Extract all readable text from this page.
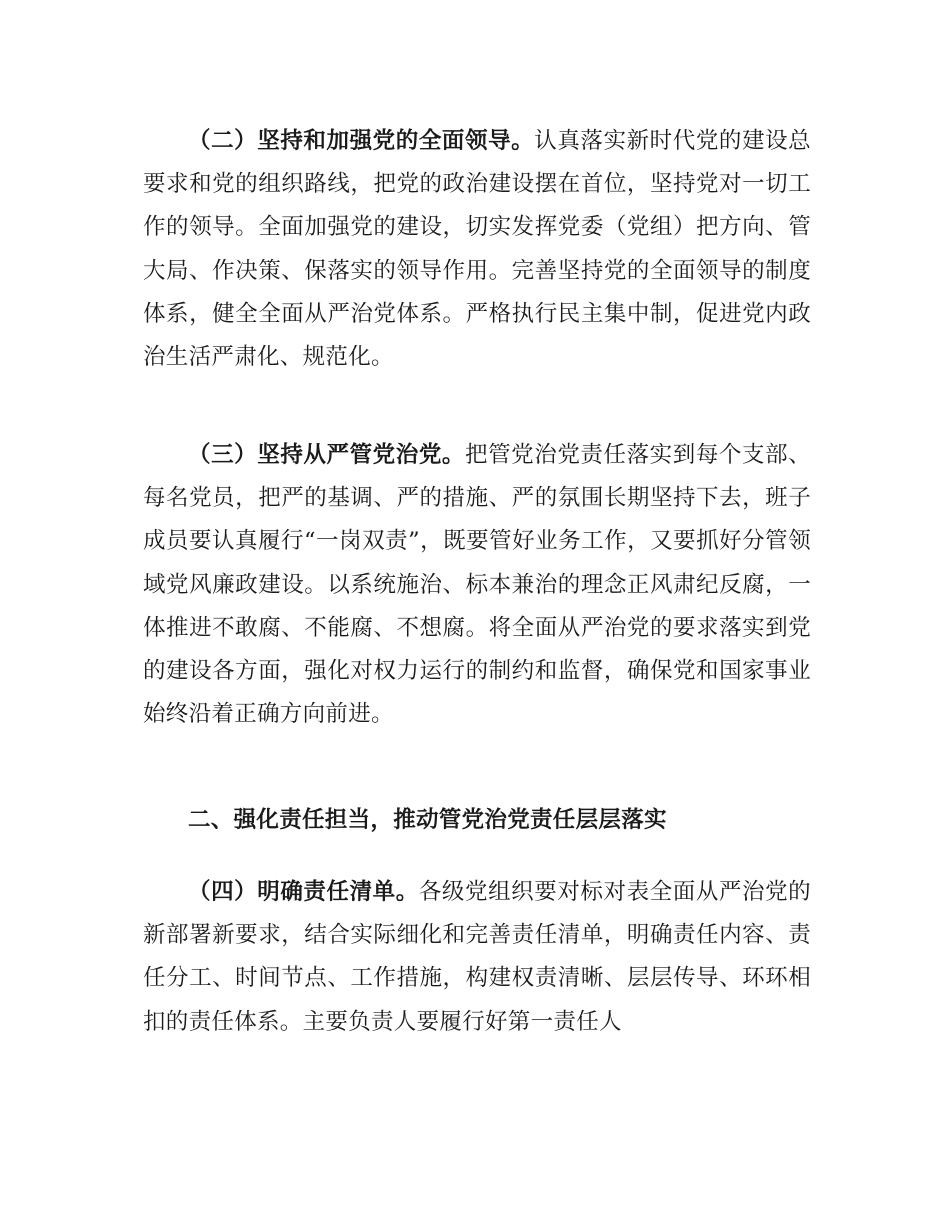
（二）坚持和加强党的全面领导。认真落实新时代党的建设总要求和党的组织路线，把党的政治建设摆在首位，坚持党对一切工作的领导。全面加强党的建设，切实发挥党委（党组）把方向、管大局、作决策、保落实的领导作用。完善坚持党的全面领导的制度体系，健全全面从严治党体系。严格执行民主集中制，促进党内政治生活严肃化、规范化。

（三）坚持从严管党治党。把管党治党责任落实到每个支部、每名党员，把严的基调、严的措施、严的氛围长期坚持下去，班子成员要认真履行“一岗双责”，既要管好业务工作，又要抓好分管领域党风廉政建设。以系统施治、标本兼治的理念正风肃纪反腐，一体推进不敢腐、不能腐、不想腐。将全面从严治党的要求落实到党的建设各方面，强化对权力运行的制约和监督，确保党和国家事业始终沿着正确方向前进。

二、强化责任担当，推动管党治党责任层层落实

（四）明确责任清单。各级党组织要对标对表全面从严治党的新部署新要求，结合实际细化和完善责任清单，明确责任内容、责任分工、时间节点、工作措施，构建权责清晰、层层传导、环环相扣的责任体系。主要负责人要履行好第一责任人
